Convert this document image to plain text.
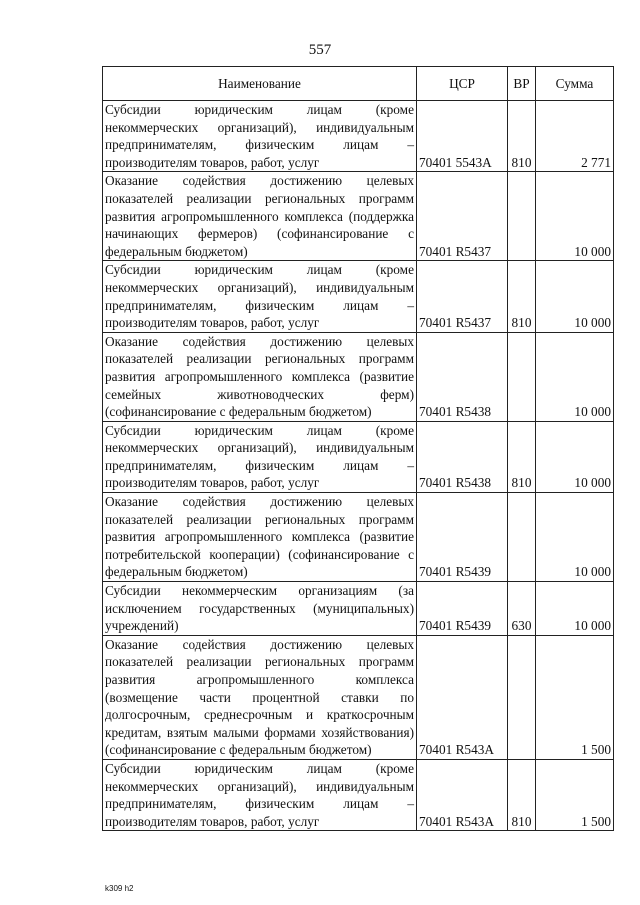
557
Наименование	ЦСР	ВР	Сумма
Субсидии юридическим лицам (кроме некоммерческих организаций), индивидуальным предпринимателям, физическим лицам – производителям товаров, работ, услуг	70401 5543A	810	2 771
Оказание содействия достижению целевых показателей реализации региональных программ развития агропромышленного комплекса (поддержка начинающих фермеров) (софинансирование с федеральным бюджетом)	70401 R5437		10 000
Субсидии юридическим лицам (кроме некоммерческих организаций), индивидуальным предпринимателям, физическим лицам – производителям товаров, работ, услуг	70401 R5437	810	10 000
Оказание содействия достижению целевых показателей реализации региональных программ развития агропромышленного комплекса (развитие семейных животноводческих ферм) (софинансирование с федеральным бюджетом)	70401 R5438		10 000
Субсидии юридическим лицам (кроме некоммерческих организаций), индивидуальным предпринимателям, физическим лицам – производителям товаров, работ, услуг	70401 R5438	810	10 000
Оказание содействия достижению целевых показателей реализации региональных программ развития агропромышленного комплекса (развитие потребительской кооперации) (софинансирование с федеральным бюджетом)	70401 R5439		10 000
Субсидии некоммерческим организациям (за исключением государственных (муниципальных) учреждений)	70401 R5439	630	10 000
Оказание содействия достижению целевых показателей реализации региональных программ развития агропромышленного комплекса (возмещение части процентной ставки по долгосрочным, среднесрочным и краткосрочным кредитам, взятым малыми формами хозяйствования) (софинансирование с федеральным бюджетом)	70401 R543A		1 500
Субсидии юридическим лицам (кроме некоммерческих организаций), индивидуальным предпринимателям, физическим лицам – производителям товаров, работ, услуг	70401 R543A	810	1 500
k309 h2
